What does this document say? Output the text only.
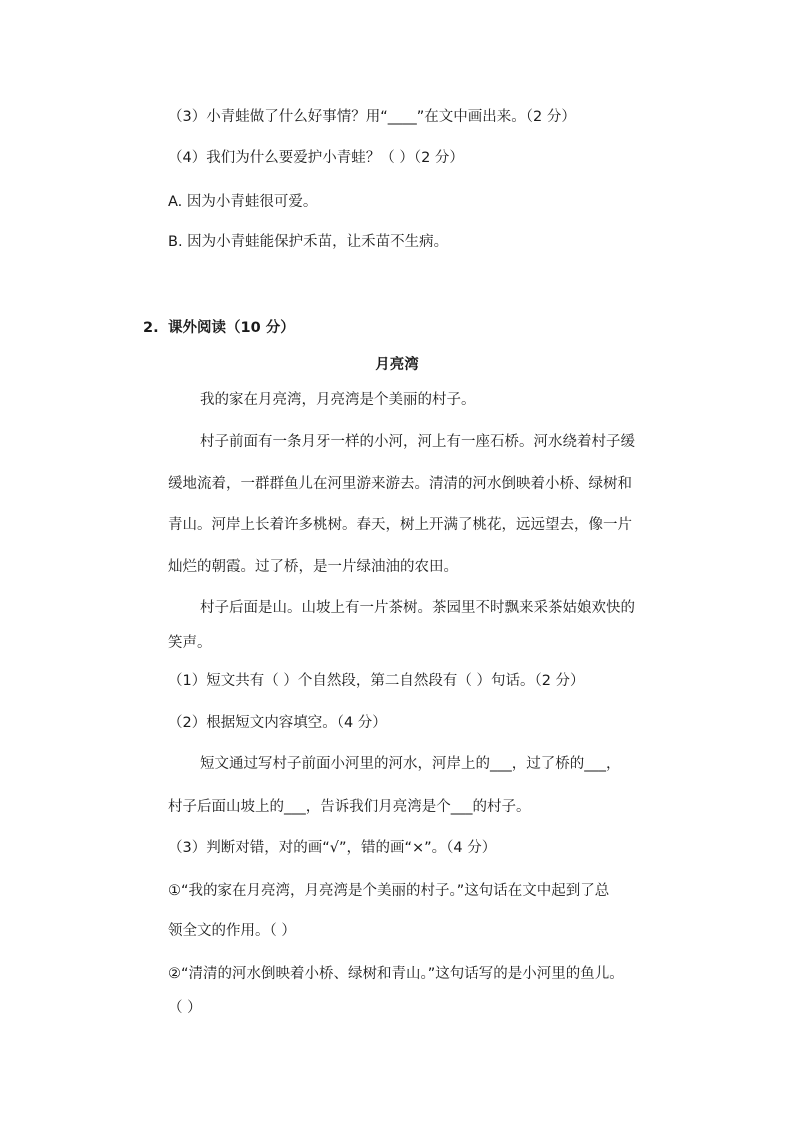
（3）小青蛙做了什么好事情？用“____”在文中画出来。（2 分）
（4）我们为什么要爱护小青蛙？（ ）（2 分）
A. 因为小青蛙很可爱。
B. 因为小青蛙能保护禾苗，让禾苗不生病。
2. 课外阅读（10 分）
月亮湾
我的家在月亮湾，月亮湾是个美丽的村子。
村子前面有一条月牙一样的小河，河上有一座石桥。河水绕着村子缓
缓地流着，一群群鱼儿在河里游来游去。清清的河水倒映着小桥、绿树和
青山。河岸上长着许多桃树。春天，树上开满了桃花，远远望去，像一片
灿烂的朝霞。过了桥，是一片绿油油的农田。
村子后面是山。山坡上有一片茶树。茶园里不时飘来采茶姑娘欢快的
笑声。
（1）短文共有（ ）个自然段，第二自然段有（ ）句话。（2 分）
（2）根据短文内容填空。（4 分）
短文通过写村子前面小河里的河水，河岸上的___，过了桥的___，
村子后面山坡上的___，告诉我们月亮湾是个___的村子。
（3）判断对错，对的画“√”，错的画“×”。（4 分）
①“我的家在月亮湾，月亮湾是个美丽的村子。”这句话在文中起到了总
领全文的作用。（ ）
②“清清的河水倒映着小桥、绿树和青山。”这句话写的是小河里的鱼儿。
（ ）
